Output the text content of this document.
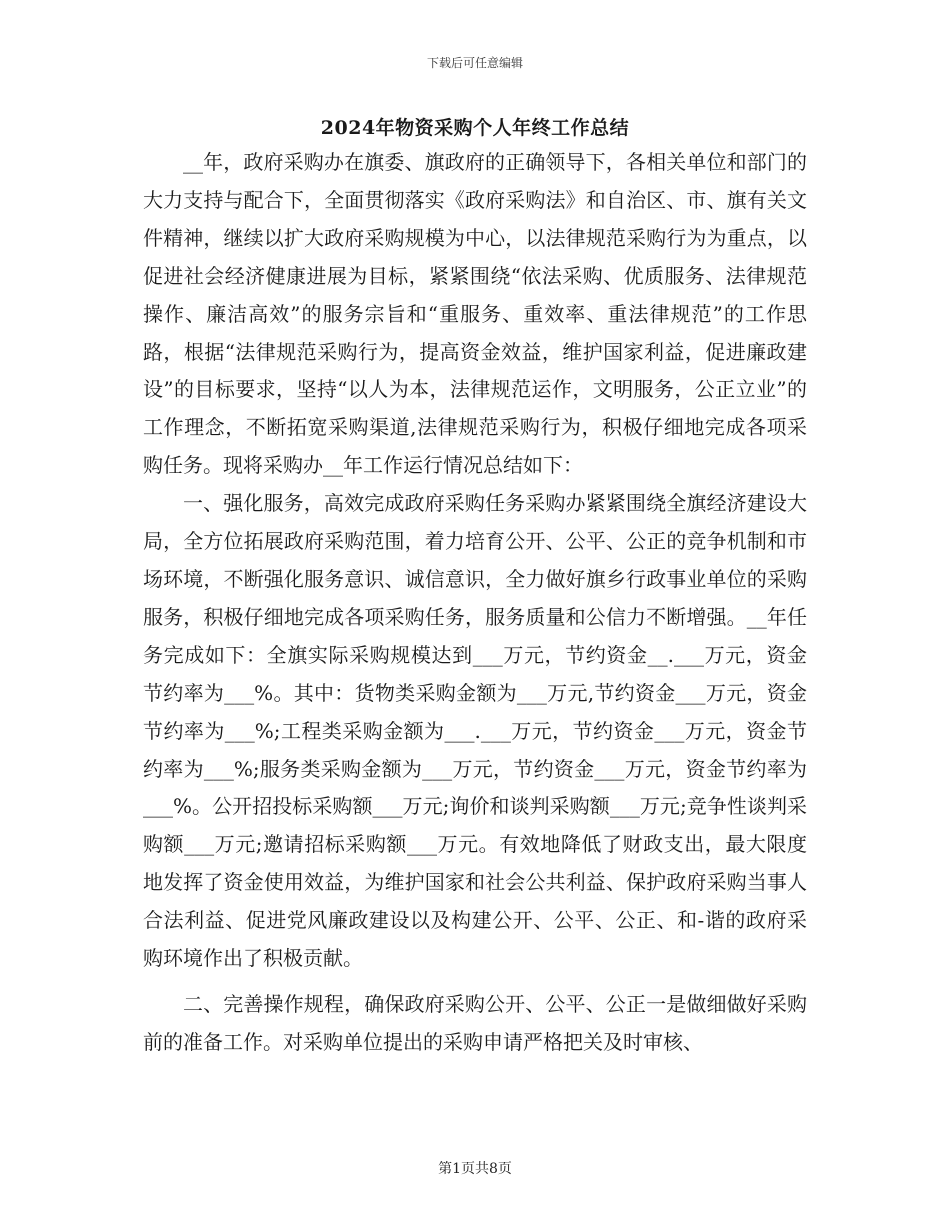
下载后可任意编辑
2024年物资采购个人年终工作总结

__年，政府采购办在旗委、旗政府的正确领导下，各相关单位和部门的大力支持与配合下，全面贯彻落实《政府采购法》和自治区、市、旗有关文件精神，继续以扩大政府采购规模为中心，以法律规范采购行为为重点，以促进社会经济健康进展为目标，紧紧围绕“依法采购、优质服务、法律规范操作、廉洁高效”的服务宗旨和“重服务、重效率、重法律规范”的工作思路，根据“法律规范采购行为，提高资金效益，维护国家利益，促进廉政建设”的目标要求，坚持“以人为本，法律规范运作，文明服务，公正立业”的工作理念，不断拓宽采购渠道,法律规范采购行为，积极仔细地完成各项采购任务。现将采购办__年工作运行情况总结如下：

一、强化服务，高效完成政府采购任务采购办紧紧围绕全旗经济建设大局，全方位拓展政府采购范围，着力培育公开、公平、公正的竞争机制和市场环境，不断强化服务意识、诚信意识，全力做好旗乡行政事业单位的采购服务，积极仔细地完成各项采购任务，服务质量和公信力不断增强。__年任务完成如下：全旗实际采购规模达到___万元，节约资金__.___万元，资金节约率为___%。其中：货物类采购金额为___万元,节约资金___万元，资金节约率为___%;工程类采购金额为___.___万元，节约资金___万元，资金节约率为___%;服务类采购金额为___万元，节约资金___万元，资金节约率为___%。公开招投标采购额___万元;询价和谈判采购额___万元;竞争性谈判采购额___万元;邀请招标采购额___万元。有效地降低了财政支出，最大限度地发挥了资金使用效益，为维护国家和社会公共利益、保护政府采购当事人合法利益、促进党风廉政建设以及构建公开、公平、公正、和-谐的政府采购环境作出了积极贡献。

二、完善操作规程，确保政府采购公开、公平、公正一是做细做好采购前的准备工作。对采购单位提出的采购申请严格把关及时审核、

第1页共8页
